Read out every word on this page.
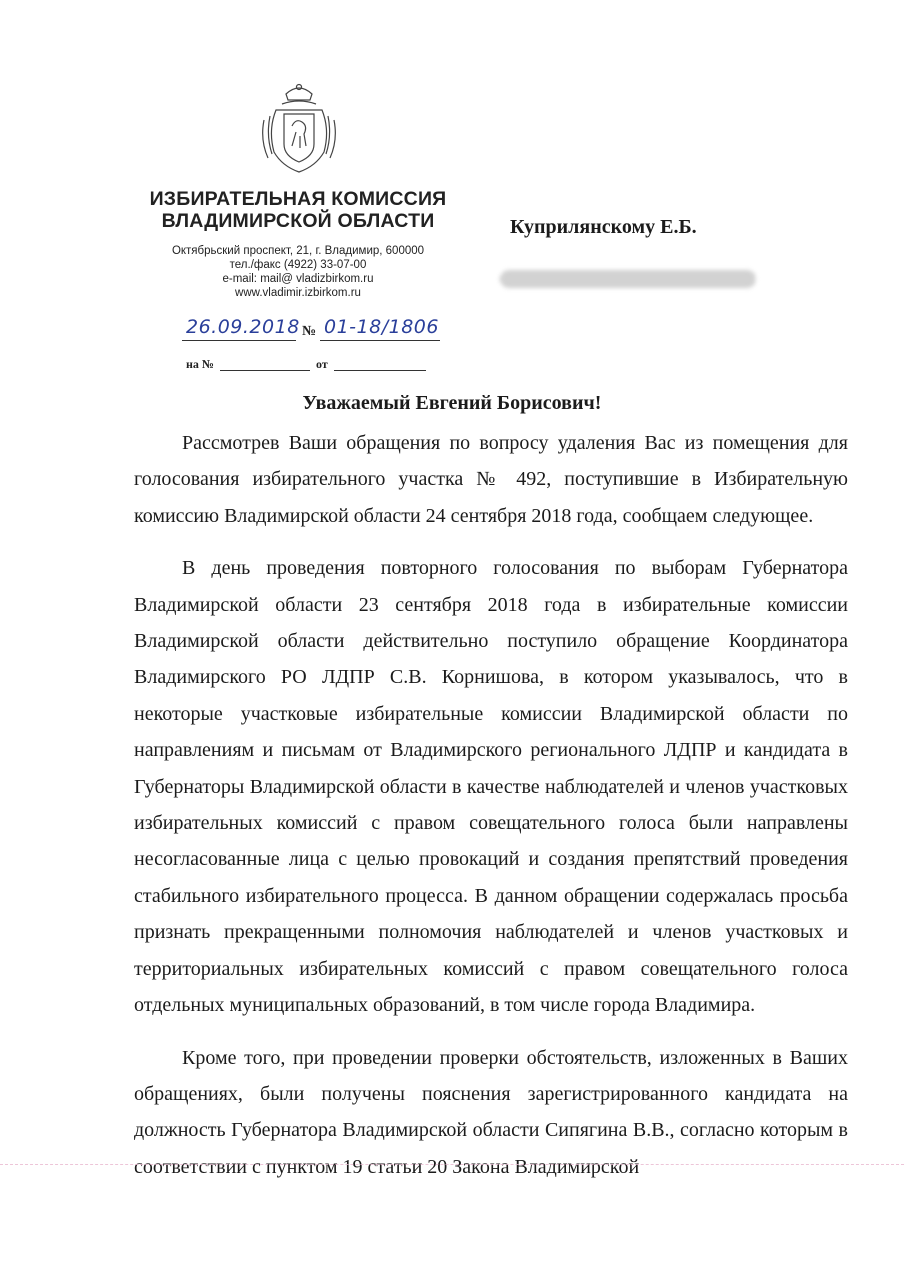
ИЗБИРАТЕЛЬНАЯ КОМИССИЯ
ВЛАДИМИРСКОЙ ОБЛАСТИ
Октябрьский проспект, 21, г. Владимир, 600000
тел./факс (4922) 33-07-00
e-mail: mail@ vladizbirkom.ru
www.vladimir.izbirkom.ru
Куприлянскому Е.Б.
26.09.2018 № 01-18/1806
на №	от
Уважаемый Евгений Борисович!

Рассмотрев Ваши обращения по вопросу удаления Вас из помещения для голосования избирательного участка № 492, поступившие в Избирательную комиссию Владимирской области 24 сентября 2018 года, сообщаем следующее.

В день проведения повторного голосования по выборам Губернатора Владимирской области 23 сентября 2018 года в избирательные комиссии Владимирской области действительно поступило обращение Координатора Владимирского РО ЛДПР С.В. Корнишова, в котором указывалось, что в некоторые участковые избирательные комиссии Владимирской области по направлениям и письмам от Владимирского регионального ЛДПР и кандидата в Губернаторы Владимирской области в качестве наблюдателей и членов участковых избирательных комиссий с правом совещательного голоса были направлены несогласованные лица с целью провокаций и создания препятствий проведения стабильного избирательного процесса. В данном обращении содержалась просьба признать прекращенными полномочия наблюдателей и членов участковых и территориальных избирательных комиссий с правом совещательного голоса отдельных муниципальных образований, в том числе города Владимира.

Кроме того, при проведении проверки обстоятельств, изложенных в Ваших обращениях, были получены пояснения зарегистрированного кандидата на должность Губернатора Владимирской области Сипягина В.В., согласно которым в соответствии с пунктом 19 статьи 20 Закона Владимирской
